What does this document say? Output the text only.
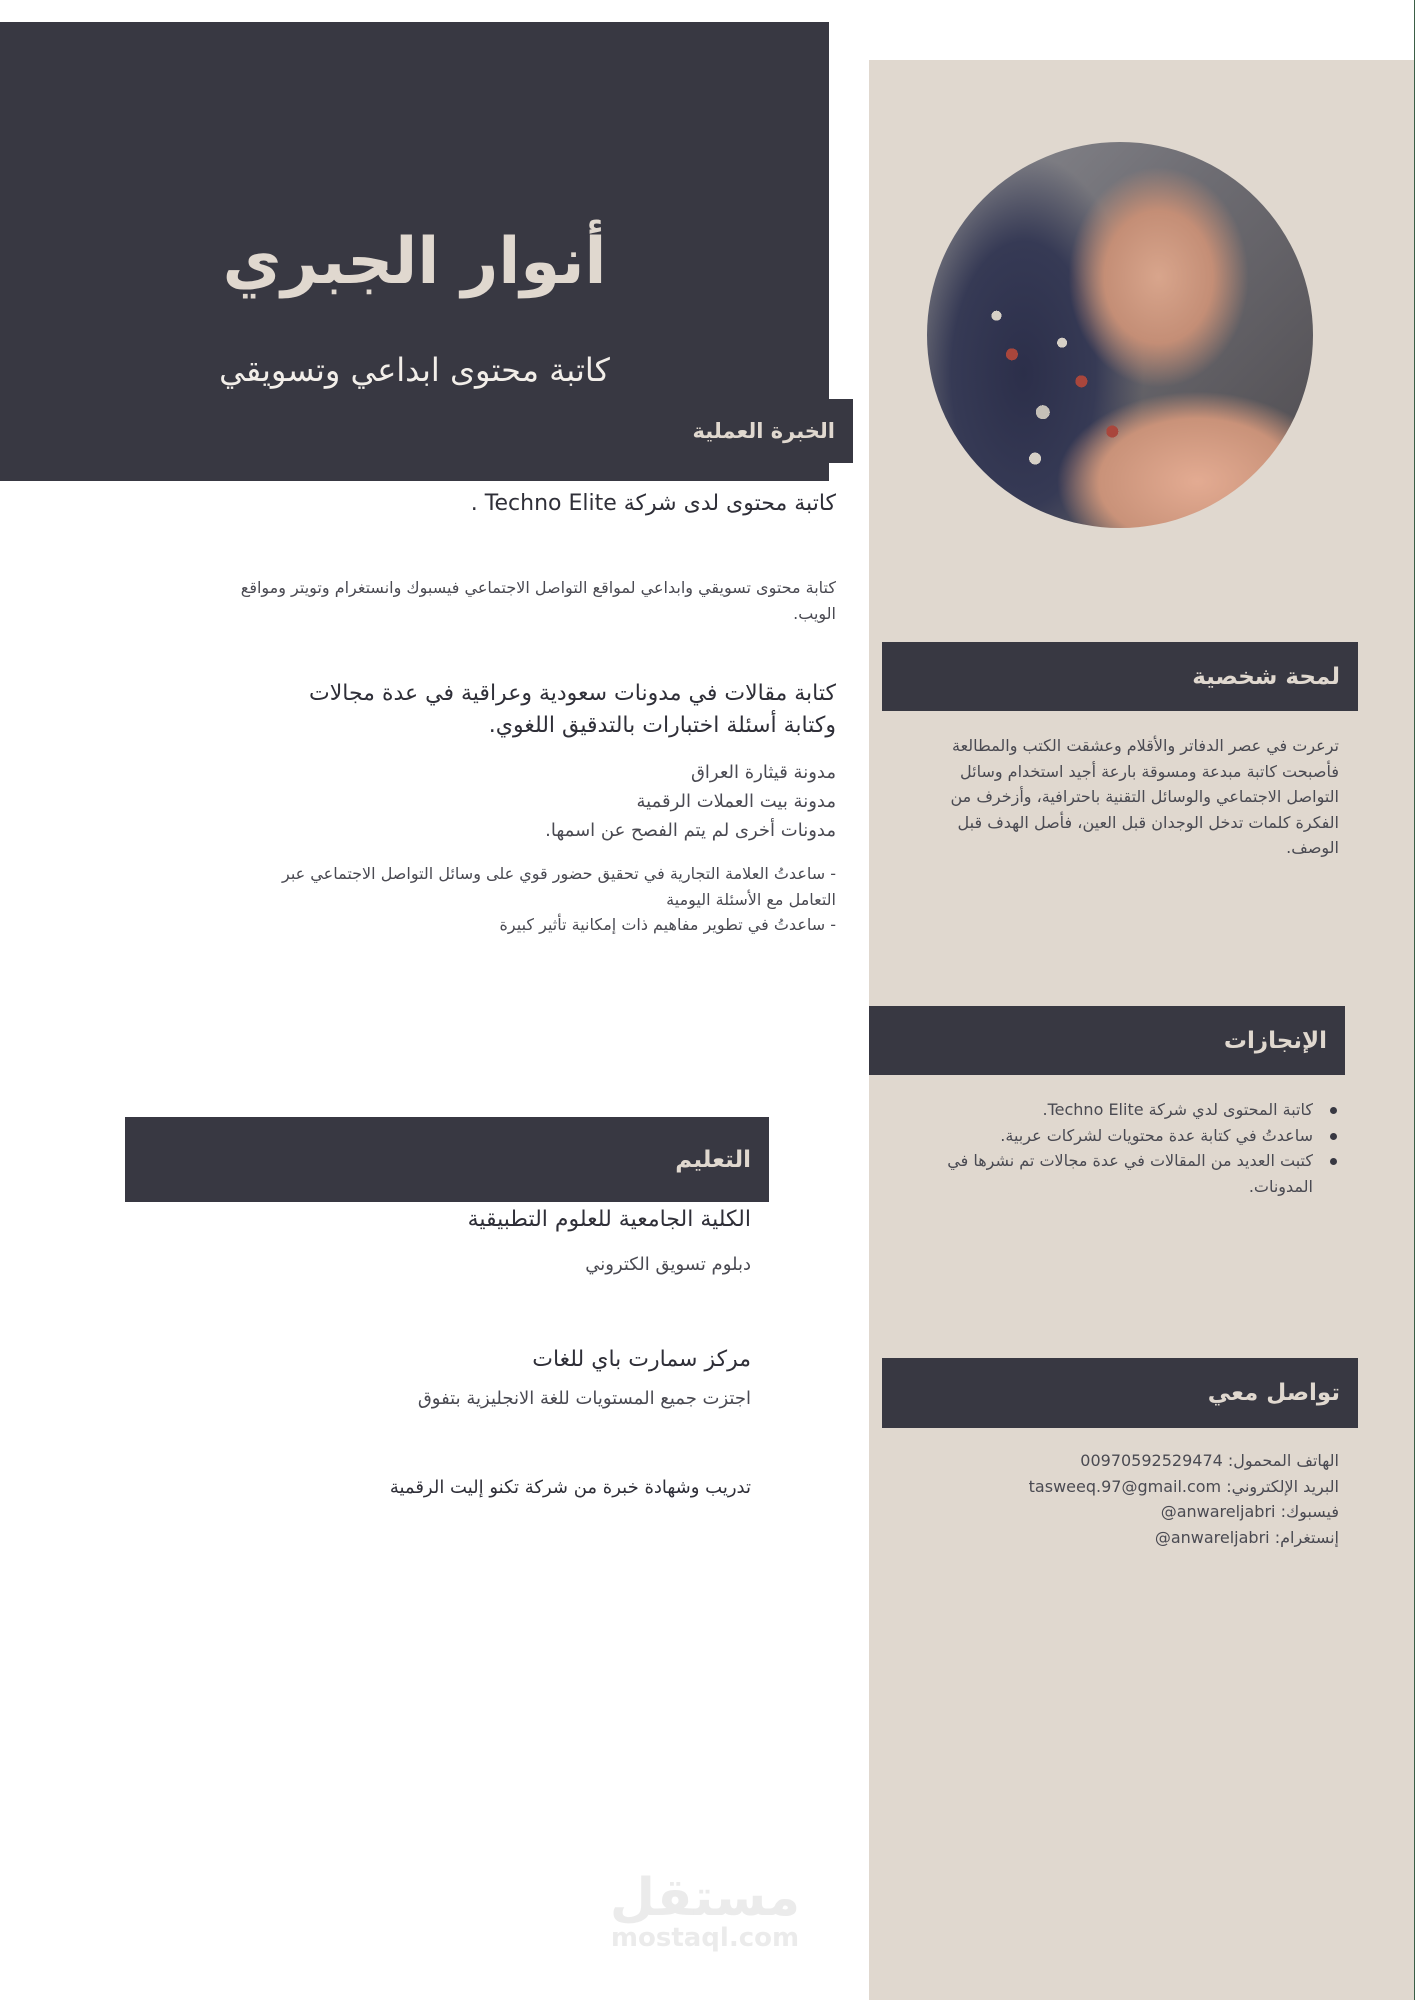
أنوار الجبري
كاتبة محتوى ابداعي وتسويقي
الخبرة العملية
كاتبة محتوى لدى شركة Techno Elite .
كتابة محتوى تسويقي وابداعي لمواقع التواصل الاجتماعي فيسبوك وانستغرام وتويتر ومواقع الويب.
كتابة مقالات في مدونات سعودية وعراقية في عدة مجالات وكتابة أسئلة اختبارات بالتدقيق اللغوي.
مدونة قيثارة العراق
مدونة بيت العملات الرقمية
مدونات أخرى لم يتم الفصح عن اسمها.
- ساعدتُ العلامة التجارية في تحقيق حضور قوي على وسائل التواصل الاجتماعي عبر التعامل مع الأسئلة اليومية
- ساعدتُ في تطوير مفاهيم ذات إمكانية تأثير كبيرة
التعليم
الكلية الجامعية للعلوم التطبيقية
دبلوم تسويق الكتروني
مركز سمارت باي للغات
اجتزت جميع المستويات للغة الانجليزية بتفوق
تدريب وشهادة خبرة من شركة تكنو إليت الرقمية
لمحة شخصية
ترعرت في عصر الدفاتر والأقلام وعشقت الكتب والمطالعة فأصبحت كاتبة مبدعة ومسوقة بارعة أجيد استخدام وسائل التواصل الاجتماعي والوسائل التقنية باحترافية، وأزخرف من الفكرة كلمات تدخل الوجدان قبل العين، فأصل الهدف قبل الوصف.
الإنجازات
كاتبة المحتوى لدي شركة Techno Elite.
ساعدتُ في كتابة عدة محتويات لشركات عربية.
كتبت العديد من المقالات في عدة مجالات تم نشرها في المدونات.
تواصل معي
الهاتف المحمول: 00970592529474
البريد الإلكتروني: tasweeq.97@gmail.com
فيسبوك: @anwareljabri
إنستغرام: @anwareljabri
مستقل
mostaql.com
